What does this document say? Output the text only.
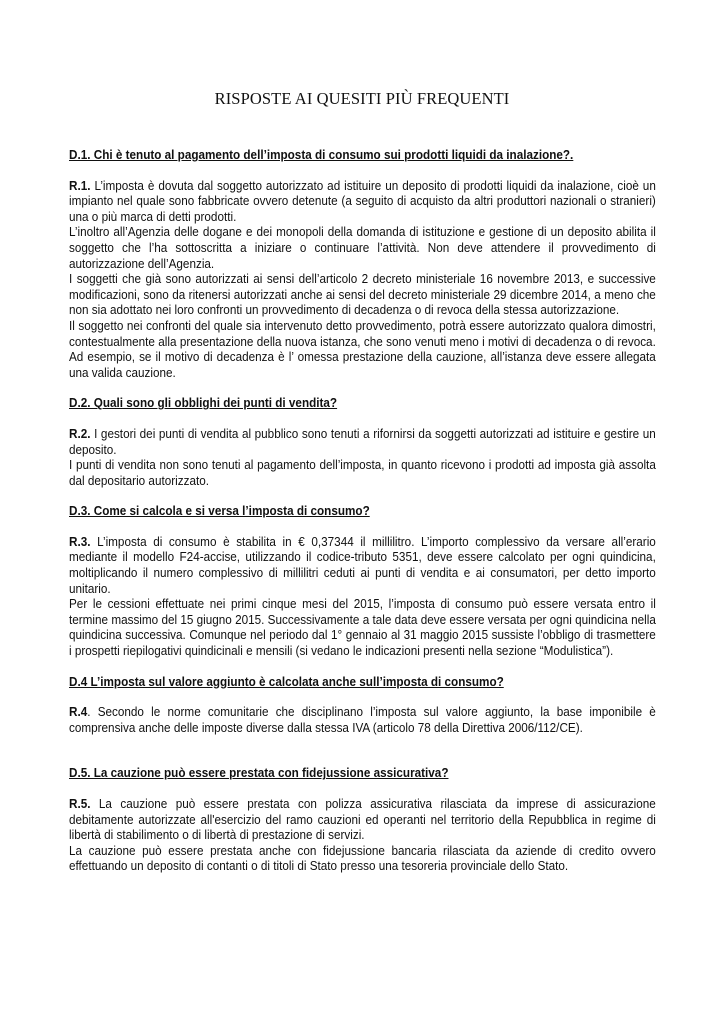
RISPOSTE AI QUESITI PIÙ FREQUENTI

D.1. Chi è tenuto al pagamento dell’imposta di consumo sui prodotti liquidi da inalazione?.

R.1. L’imposta è dovuta dal soggetto autorizzato ad istituire un deposito di prodotti liquidi da inalazione, cioè un impianto nel quale sono fabbricate ovvero detenute (a seguito di acquisto da altri produttori nazionali o stranieri) una o più marca di detti prodotti.

L’inoltro all’Agenzia delle dogane e dei monopoli della domanda di istituzione e gestione di un deposito abilita il soggetto che l’ha sottoscritta a iniziare o continuare l’attività. Non deve attendere il provvedimento di autorizzazione dell’Agenzia.

I soggetti che già sono autorizzati ai sensi dell’articolo 2 decreto ministeriale 16 novembre 2013, e successive modificazioni, sono da ritenersi autorizzati anche ai sensi del decreto ministeriale 29 dicembre 2014, a meno che non sia adottato nei loro confronti un provvedimento di decadenza o di revoca della stessa autorizzazione.

Il soggetto nei confronti del quale sia intervenuto detto provvedimento, potrà essere autorizzato qualora dimostri, contestualmente alla presentazione della nuova istanza, che sono venuti meno i motivi di decadenza o di revoca. Ad esempio, se il motivo di decadenza è l’ omessa prestazione della cauzione, all’istanza deve essere allegata una valida cauzione.

D.2. Quali sono gli obblighi dei punti di vendita?

R.2. I gestori dei punti di vendita al pubblico sono tenuti a rifornirsi da soggetti autorizzati ad istituire e gestire un deposito.

I punti di vendita non sono tenuti al pagamento dell’imposta, in quanto ricevono i prodotti ad imposta già assolta dal depositario autorizzato.

D.3. Come si calcola e si versa l’imposta di consumo?

R.3. L’imposta di consumo è stabilita in € 0,37344 il millilitro. L’importo complessivo da versare all’erario mediante il modello F24-accise, utilizzando il codice-tributo 5351, deve essere calcolato per ogni quindicina, moltiplicando il numero complessivo di millilitri ceduti ai punti di vendita e ai consumatori, per detto importo unitario.

Per le cessioni effettuate nei primi cinque mesi del 2015, l’imposta di consumo può essere versata entro il termine massimo del 15 giugno 2015. Successivamente a tale data deve essere versata per ogni quindicina nella quindicina successiva. Comunque nel periodo dal 1° gennaio al 31 maggio 2015 sussiste l’obbligo di trasmettere i prospetti riepilogativi quindicinali e mensili (si vedano le indicazioni presenti nella sezione “Modulistica”).

D.4 L’imposta sul valore aggiunto è calcolata anche sull’imposta di consumo?

R.4. Secondo le norme comunitarie che disciplinano l’imposta sul valore aggiunto, la base imponibile è comprensiva anche delle imposte diverse dalla stessa IVA (articolo 78 della Direttiva 2006/112/CE).

D.5. La cauzione può essere prestata con fidejussione assicurativa?

R.5. La cauzione può essere prestata con polizza assicurativa rilasciata da imprese di assicurazione debitamente autorizzate all'esercizio del ramo cauzioni ed operanti nel territorio della Repubblica in regime di libertà di stabilimento o di libertà di prestazione di servizi.

La cauzione può essere prestata anche con fidejussione bancaria rilasciata da aziende di credito ovvero effettuando un deposito di contanti o di titoli di Stato presso una tesoreria provinciale dello Stato.
